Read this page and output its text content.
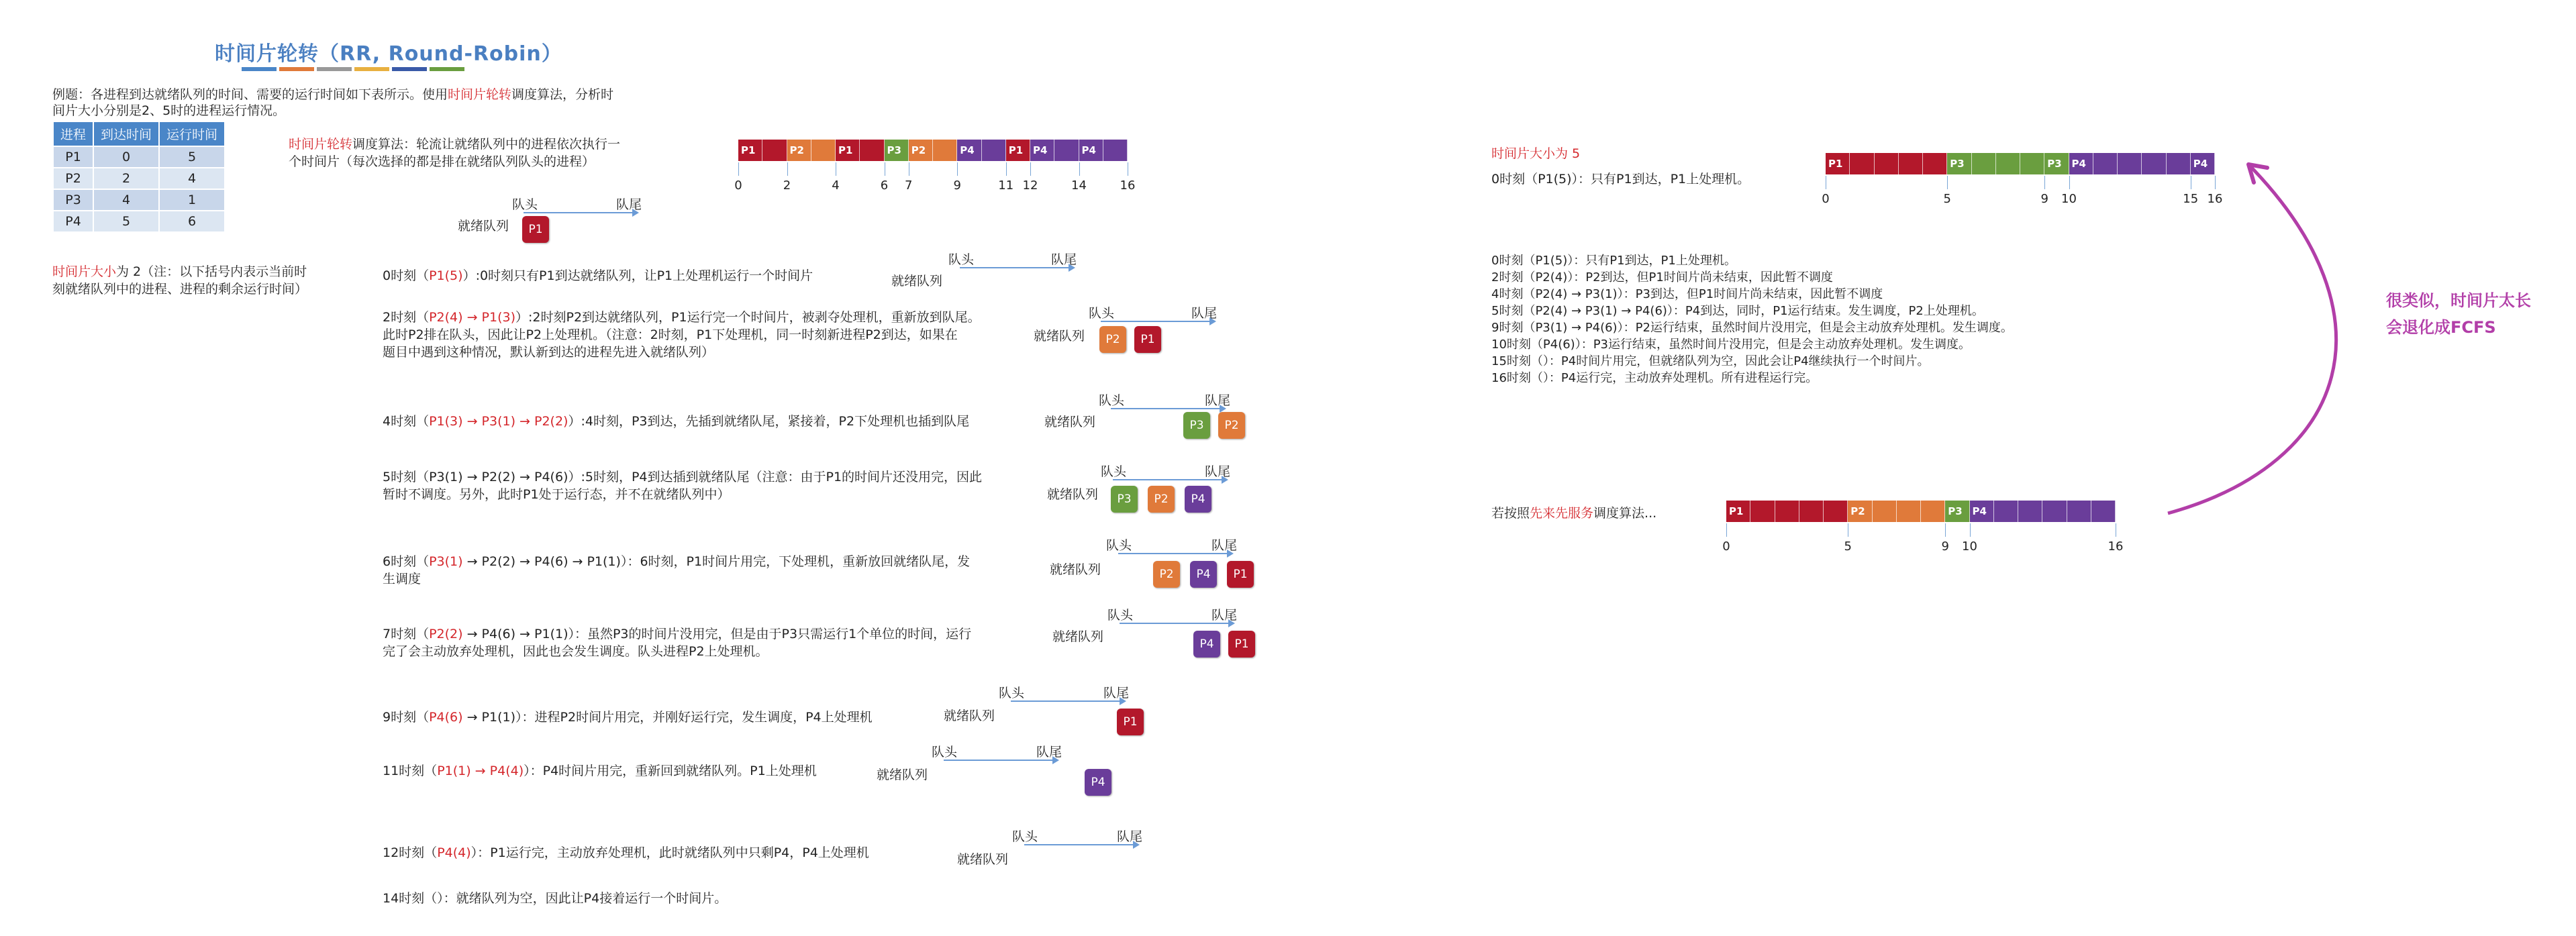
时间片轮转（RR, Round-Robin）
例题：各进程到达就绪队列的时间、需要的运行时间如下表所示。使用时间片轮转调度算法，分析时
间片大小分别是2、5时的进程运行情况。
进程	到达时间	运行时间
P1	0	5
P2	2	4
P3	4	1
P4	5	6
时间片大小为 2（注：以下括号内表示当前时
刻就绪队列中的进程、进程的剩余运行时间）
时间片轮转调度算法：轮流让就绪队列中的进程依次执行一
个时间片（每次选择的都是排在就绪队列队头的进程）
P1	P2	P1	P3 P2	P4	P1 P4	P4
0	2	4	6 7	9	11 12	14	16
队头	队尾
就绪队列	P1
0时刻（P1(5)）:0时刻只有P1到达就绪队列，让P1上处理机运行一个时间片
队头	队尾
就绪队列
2时刻（P2(4) → P1(3)）:2时刻P2到达就绪队列，P1运行完一个时间片，被剥夺处理机，重新放到队尾。
此时P2排在队头，因此让P2上处理机。（注意：2时刻，P1下处理机，同一时刻新进程P2到达，如果在
题目中遇到这种情况，默认新到达的进程先进入就绪队列）
队头	队尾
就绪队列	P2	P1
4时刻（P1(3) → P3(1) → P2(2)）:4时刻，P3到达，先插到就绪队尾，紧接着，P2下处理机也插到队尾
队头	队尾
就绪队列	P3	P2
5时刻（P3(1) → P2(2) → P4(6)）:5时刻，P4到达插到就绪队尾（注意：由于P1的时间片还没用完，因此
暂时不调度。另外，此时P1处于运行态，并不在就绪队列中）
队头	队尾
就绪队列	P3	P2	P4
6时刻（P3(1) → P2(2) → P4(6) → P1(1)）：6时刻，P1时间片用完，下处理机，重新放回就绪队尾，发
生调度
队头	队尾
就绪队列	P2	P4	P1
7时刻（P2(2) → P4(6) → P1(1)）：虽然P3的时间片没用完，但是由于P3只需运行1个单位的时间，运行
完了会主动放弃处理机，因此也会发生调度。队头进程P2上处理机。
队头	队尾
就绪队列	P4	P1
9时刻（P4(6) → P1(1)）：进程P2时间片用完，并刚好运行完，发生调度，P4上处理机
队头	队尾
就绪队列	P1
11时刻（P1(1) → P4(4)）：P4时间片用完，重新回到就绪队列。P1上处理机
队头	队尾
就绪队列	P4
12时刻（P4(4)）：P1运行完，主动放弃处理机，此时就绪队列中只剩P4，P4上处理机
队头	队尾
就绪队列
14时刻（）：就绪队列为空，因此让P4接着运行一个时间片。
时间片大小为 5
0时刻（P1(5)）：只有P1到达，P1上处理机。
P1	P3	P3 P4	P4
0	5	9 10	15 16
0时刻（P1(5)）：只有P1到达，P1上处理机。
2时刻（P2(4)）：P2到达，但P1时间片尚未结束，因此暂不调度
4时刻（P2(4) → P3(1)）：P3到达，但P1时间片尚未结束，因此暂不调度
5时刻（P2(4) → P3(1) → P4(6)）：P4到达，同时，P1运行结束。发生调度，P2上处理机。
9时刻（P3(1) → P4(6)）：P2运行结束，虽然时间片没用完，但是会主动放弃处理机。发生调度。
10时刻（P4(6)）：P3运行结束，虽然时间片没用完，但是会主动放弃处理机。发生调度。
15时刻（）：P4时间片用完，但就绪队列为空，因此会让P4继续执行一个时间片。
16时刻（）：P4运行完，主动放弃处理机。所有进程运行完。
若按照先来先服务调度算法...	P1	P2	P3 P4
0	5	9 10	16
很类似，时间片太长
会退化成FCFS
